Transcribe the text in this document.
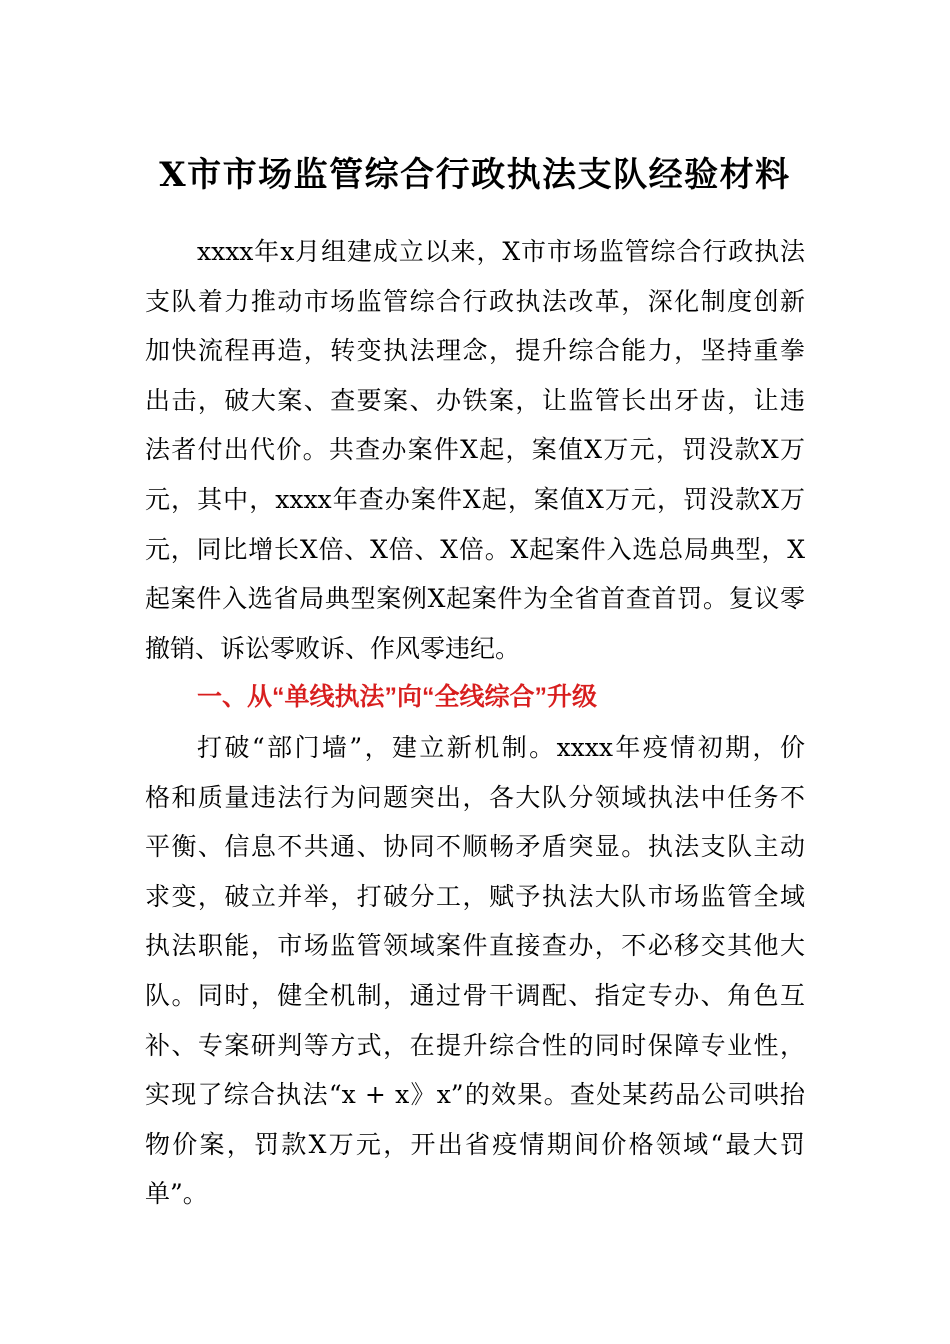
X市市场监管综合行政执法支队经验材料
xxxx年x月组建成立以来，X市市场监管综合行政执法
支队着力推动市场监管综合行政执法改革，深化制度创新
加快流程再造，转变执法理念，提升综合能力，坚持重拳
出击，破大案、查要案、办铁案，让监管长出牙齿，让违
法者付出代价。共查办案件X起，案值X万元，罚没款X万
元，其中，xxxx年查办案件X起，案值X万元，罚没款X万
元，同比增长X倍、X倍、X倍。X起案件入选总局典型，X
起案件入选省局典型案例X起案件为全省首查首罚。复议零
撤销、诉讼零败诉、作风零违纪。
一、从“单线执法”向“全线综合”升级
打破“部门墙”，建立新机制。xxxx年疫情初期，价
格和质量违法行为问题突出，各大队分领域执法中任务不
平衡、信息不共通、协同不顺畅矛盾突显。执法支队主动
求变，破立并举，打破分工，赋予执法大队市场监管全域
执法职能，市场监管领域案件直接查办，不必移交其他大
队。同时，健全机制，通过骨干调配、指定专办、角色互
补、专案研判等方式，在提升综合性的同时保障专业性，
实现了综合执法“x + x》x”的效果。查处某药品公司哄抬
物价案，罚款X万元，开出省疫情期间价格领域“最大罚
单”。
